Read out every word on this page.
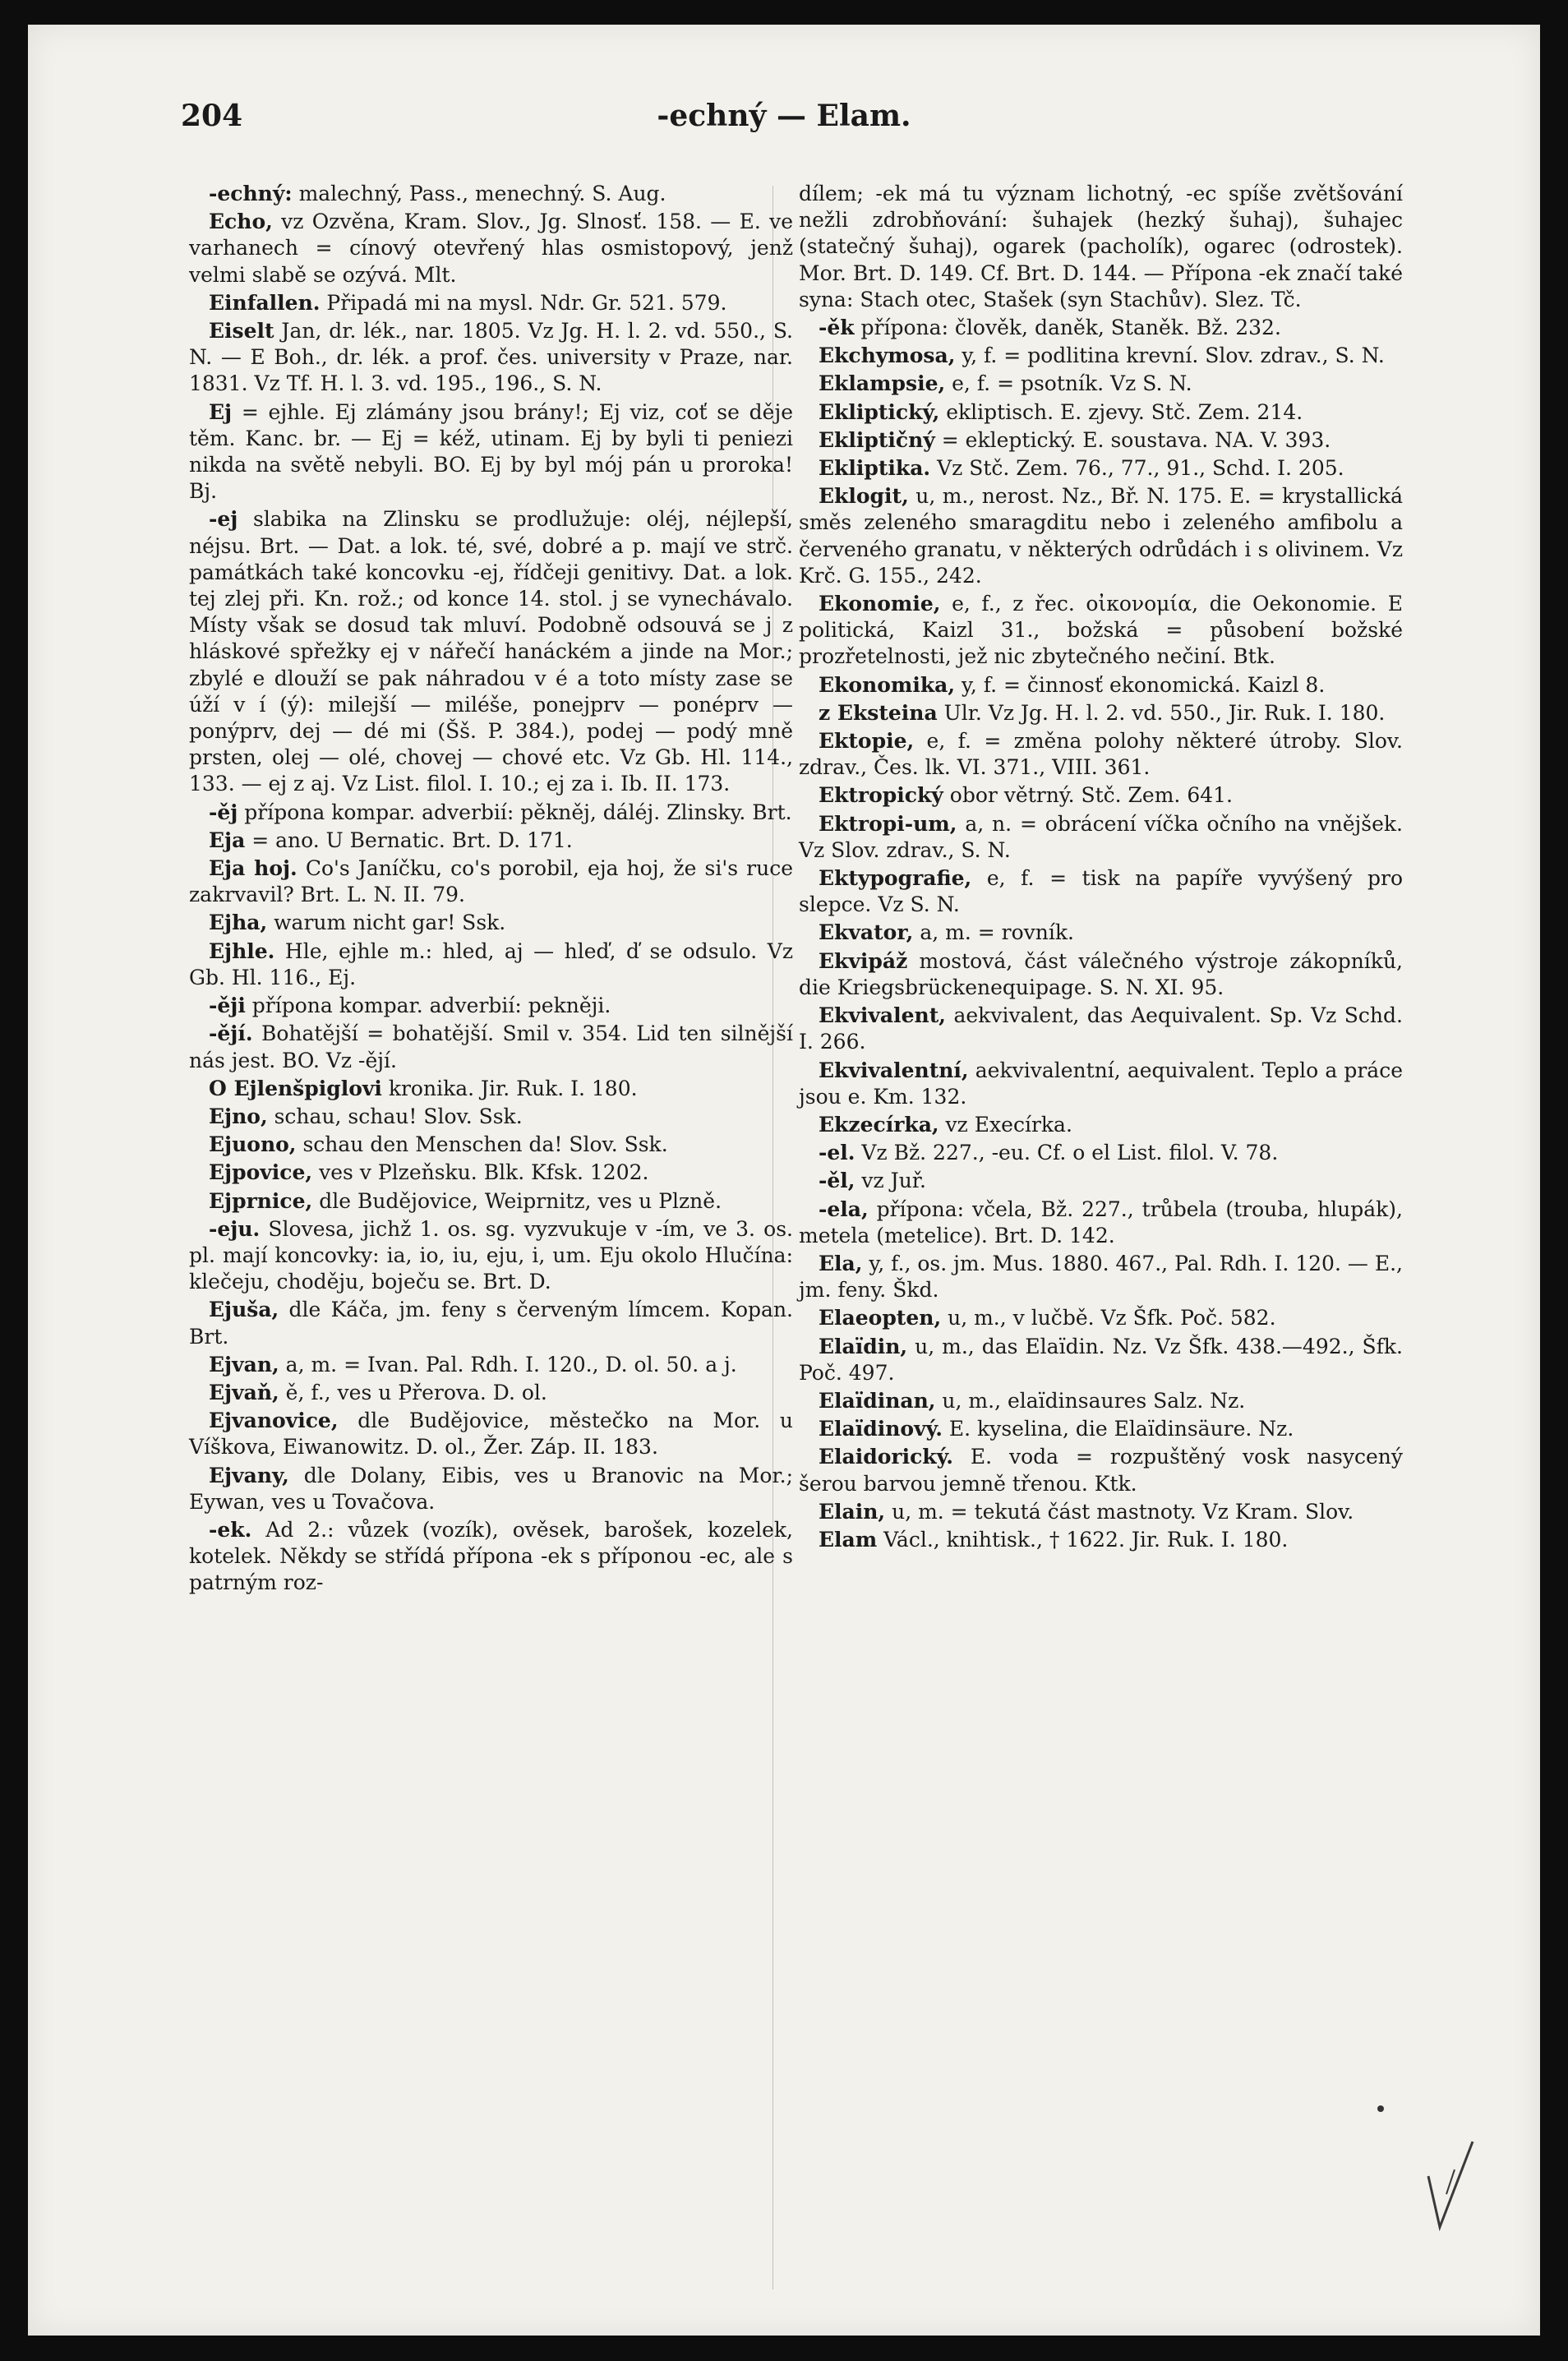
204	-echný — Elam.

-echný: malechný, Pass., menechný. S. Aug.

Echo, vz Ozvěna, Kram. Slov., Jg. Slnosť. 158. — E. ve varhanech = cínový otevřený hlas osmistopový, jenž velmi slabě se ozývá. Mlt.

Einfallen. Připadá mi na mysl. Ndr. Gr. 521. 579.

Eiselt Jan, dr. lék., nar. 1805. Vz Jg. H. l. 2. vd. 550., S. N. — E Boh., dr. lék. a prof. čes. university v Praze, nar. 1831. Vz Tf. H. l. 3. vd. 195., 196., S. N.

Ej = ejhle. Ej zlámány jsou brány!; Ej viz, coť se děje těm. Kanc. br. — Ej = kéž, utinam. Ej by byli ti peniezi nikda na světě nebyli. BO. Ej by byl mój pán u proroka! Bj.

-ej slabika na Zlinsku se prodlužuje: oléj, néjlepší, néjsu. Brt. — Dat. a lok. té, své, dobré a p. mají ve strč. památkách také koncovku -ej, řídčeji genitivy. Dat. a lok. tej zlej při. Kn. rož.; od konce 14. stol. j se vynechávalo. Místy však se dosud tak mluví. Podobně odsouvá se j z hláskové spřežky ej v nářečí hanáckém a jinde na Mor.; zbylé e dlouží se pak náhradou v é a toto místy zase se úží v í (ý): milejší — miléše, ponejprv — ponéprv — ponýprv, dej — dé mi (Šš. P. 384.), podej — podý mně prsten, olej — olé, chovej — chové etc. Vz Gb. Hl. 114., 133. — ej z aj. Vz List. filol. I. 10.; ej za i. Ib. II. 173.

-ěj přípona kompar. adverbií: pěkněj, dáléj. Zlinsky. Brt.

Eja = ano. U Bernatic. Brt. D. 171.

Eja hoj. Co's Janíčku, co's porobil, eja hoj, že si's ruce zakrvavil? Brt. L. N. II. 79.

Ejha, warum nicht gar! Ssk.

Ejhle. Hle, ejhle m.: hled, aj — hleď, ď se odsulo. Vz Gb. Hl. 116., Ej.

-ěji přípona kompar. adverbií: pekněji.

-ějí. Bohatější = bohatější. Smil v. 354. Lid ten silnější nás jest. BO. Vz -ějí.

O Ejlenšpiglovi kronika. Jir. Ruk. I. 180.

Ejno, schau, schau! Slov. Ssk.

Ejuono, schau den Menschen da! Slov. Ssk.

Ejpovice, ves v Plzeňsku. Blk. Kfsk. 1202.

Ejprnice, dle Budějovice, Weiprnitz, ves u Plzně.

-eju. Slovesa, jichž 1. os. sg. vyzvukuje v -ím, ve 3. os. pl. mají koncovky: ia, io, iu, eju, i, um. Eju okolo Hlučína: klečeju, choděju, boječu se. Brt. D.

Ejuša, dle Káča, jm. feny s červeným límcem. Kopan. Brt.

Ejvan, a, m. = Ivan. Pal. Rdh. I. 120., D. ol. 50. a j.

Ejvaň, ě, f., ves u Přerova. D. ol.

Ejvanovice, dle Budějovice, městečko na Mor. u Víškova, Eiwanowitz. D. ol., Žer. Záp. II. 183.

Ejvany, dle Dolany, Eibis, ves u Branovic na Mor.; Eywan, ves u Tovačova.

-ek. Ad 2.: vůzek (vozík), ověsek, barošek, kozelek, kotelek. Někdy se střídá přípona -ek s příponou -ec, ale s patrným roz-

dílem; -ek má tu význam lichotný, -ec spíše zvětšování nežli zdrobňování: šuhajek (hezký šuhaj), šuhajec (statečný šuhaj), ogarek (pacholík), ogarec (odrostek). Mor. Brt. D. 149. Cf. Brt. D. 144. — Přípona -ek značí také syna: Stach otec, Stašek (syn Stachův). Slez. Tč.

-ěk přípona: člověk, daněk, Staněk. Bž. 232.

Ekchymosa, y, f. = podlitina krevní. Slov. zdrav., S. N.

Eklampsie, e, f. = psotník. Vz S. N.

Ekliptický, ekliptisch. E. zjevy. Stč. Zem. 214.

Ekliptičný = ekleptický. E. soustava. NA. V. 393.

Ekliptika. Vz Stč. Zem. 76., 77., 91., Schd. I. 205.

Eklogit, u, m., nerost. Nz., Bř. N. 175. E. = krystallická směs zeleného smaragditu nebo i zeleného amfibolu a červeného granatu, v některých odrůdách i s olivinem. Vz Krč. G. 155., 242.

Ekonomie, e, f., z řec. οἰκονομία, die Oekonomie. E politická, Kaizl 31., božská = působení božské prozřetelnosti, jež nic zbytečného nečiní. Btk.

Ekonomika, y, f. = činnosť ekonomická. Kaizl 8.

z Eksteina Ulr. Vz Jg. H. l. 2. vd. 550., Jir. Ruk. I. 180.

Ektopie, e, f. = změna polohy některé útroby. Slov. zdrav., Čes. lk. VI. 371., VIII. 361.

Ektropický obor větrný. Stč. Zem. 641.

Ektropi-um, a, n. = obrácení víčka očního na vnějšek. Vz Slov. zdrav., S. N.

Ektypografie, e, f. = tisk na papíře vyvýšený pro slepce. Vz S. N.

Ekvator, a, m. = rovník.

Ekvipáž mostová, část válečného výstroje zákopníků, die Kriegsbrückenequipage. S. N. XI. 95.

Ekvivalent, aekvivalent, das Aequivalent. Sp. Vz Schd. I. 266.

Ekvivalentní, aekvivalentní, aequivalent. Teplo a práce jsou e. Km. 132.

Ekzecírka, vz Execírka.

-el. Vz Bž. 227., -eu. Cf. o el List. filol. V. 78.

-ěl, vz Juř.

-ela, přípona: včela, Bž. 227., trůbela (trouba, hlupák), metela (metelice). Brt. D. 142.

Ela, y, f., os. jm. Mus. 1880. 467., Pal. Rdh. I. 120. — E., jm. feny. Škd.

Elaeopten, u, m., v lučbě. Vz Šfk. Poč. 582.

Elaïdin, u, m., das Elaïdin. Nz. Vz Šfk. 438.—492., Šfk. Poč. 497.

Elaïdinan, u, m., elaïdinsaures Salz. Nz.

Elaïdinový. E. kyselina, die Elaïdinsäure. Nz.

Elaidorický. E. voda = rozpuštěný vosk nasycený šerou barvou jemně třenou. Ktk.

Elain, u, m. = tekutá část mastnoty. Vz Kram. Slov.

Elam Václ., knihtisk., † 1622. Jir. Ruk. I. 180.
